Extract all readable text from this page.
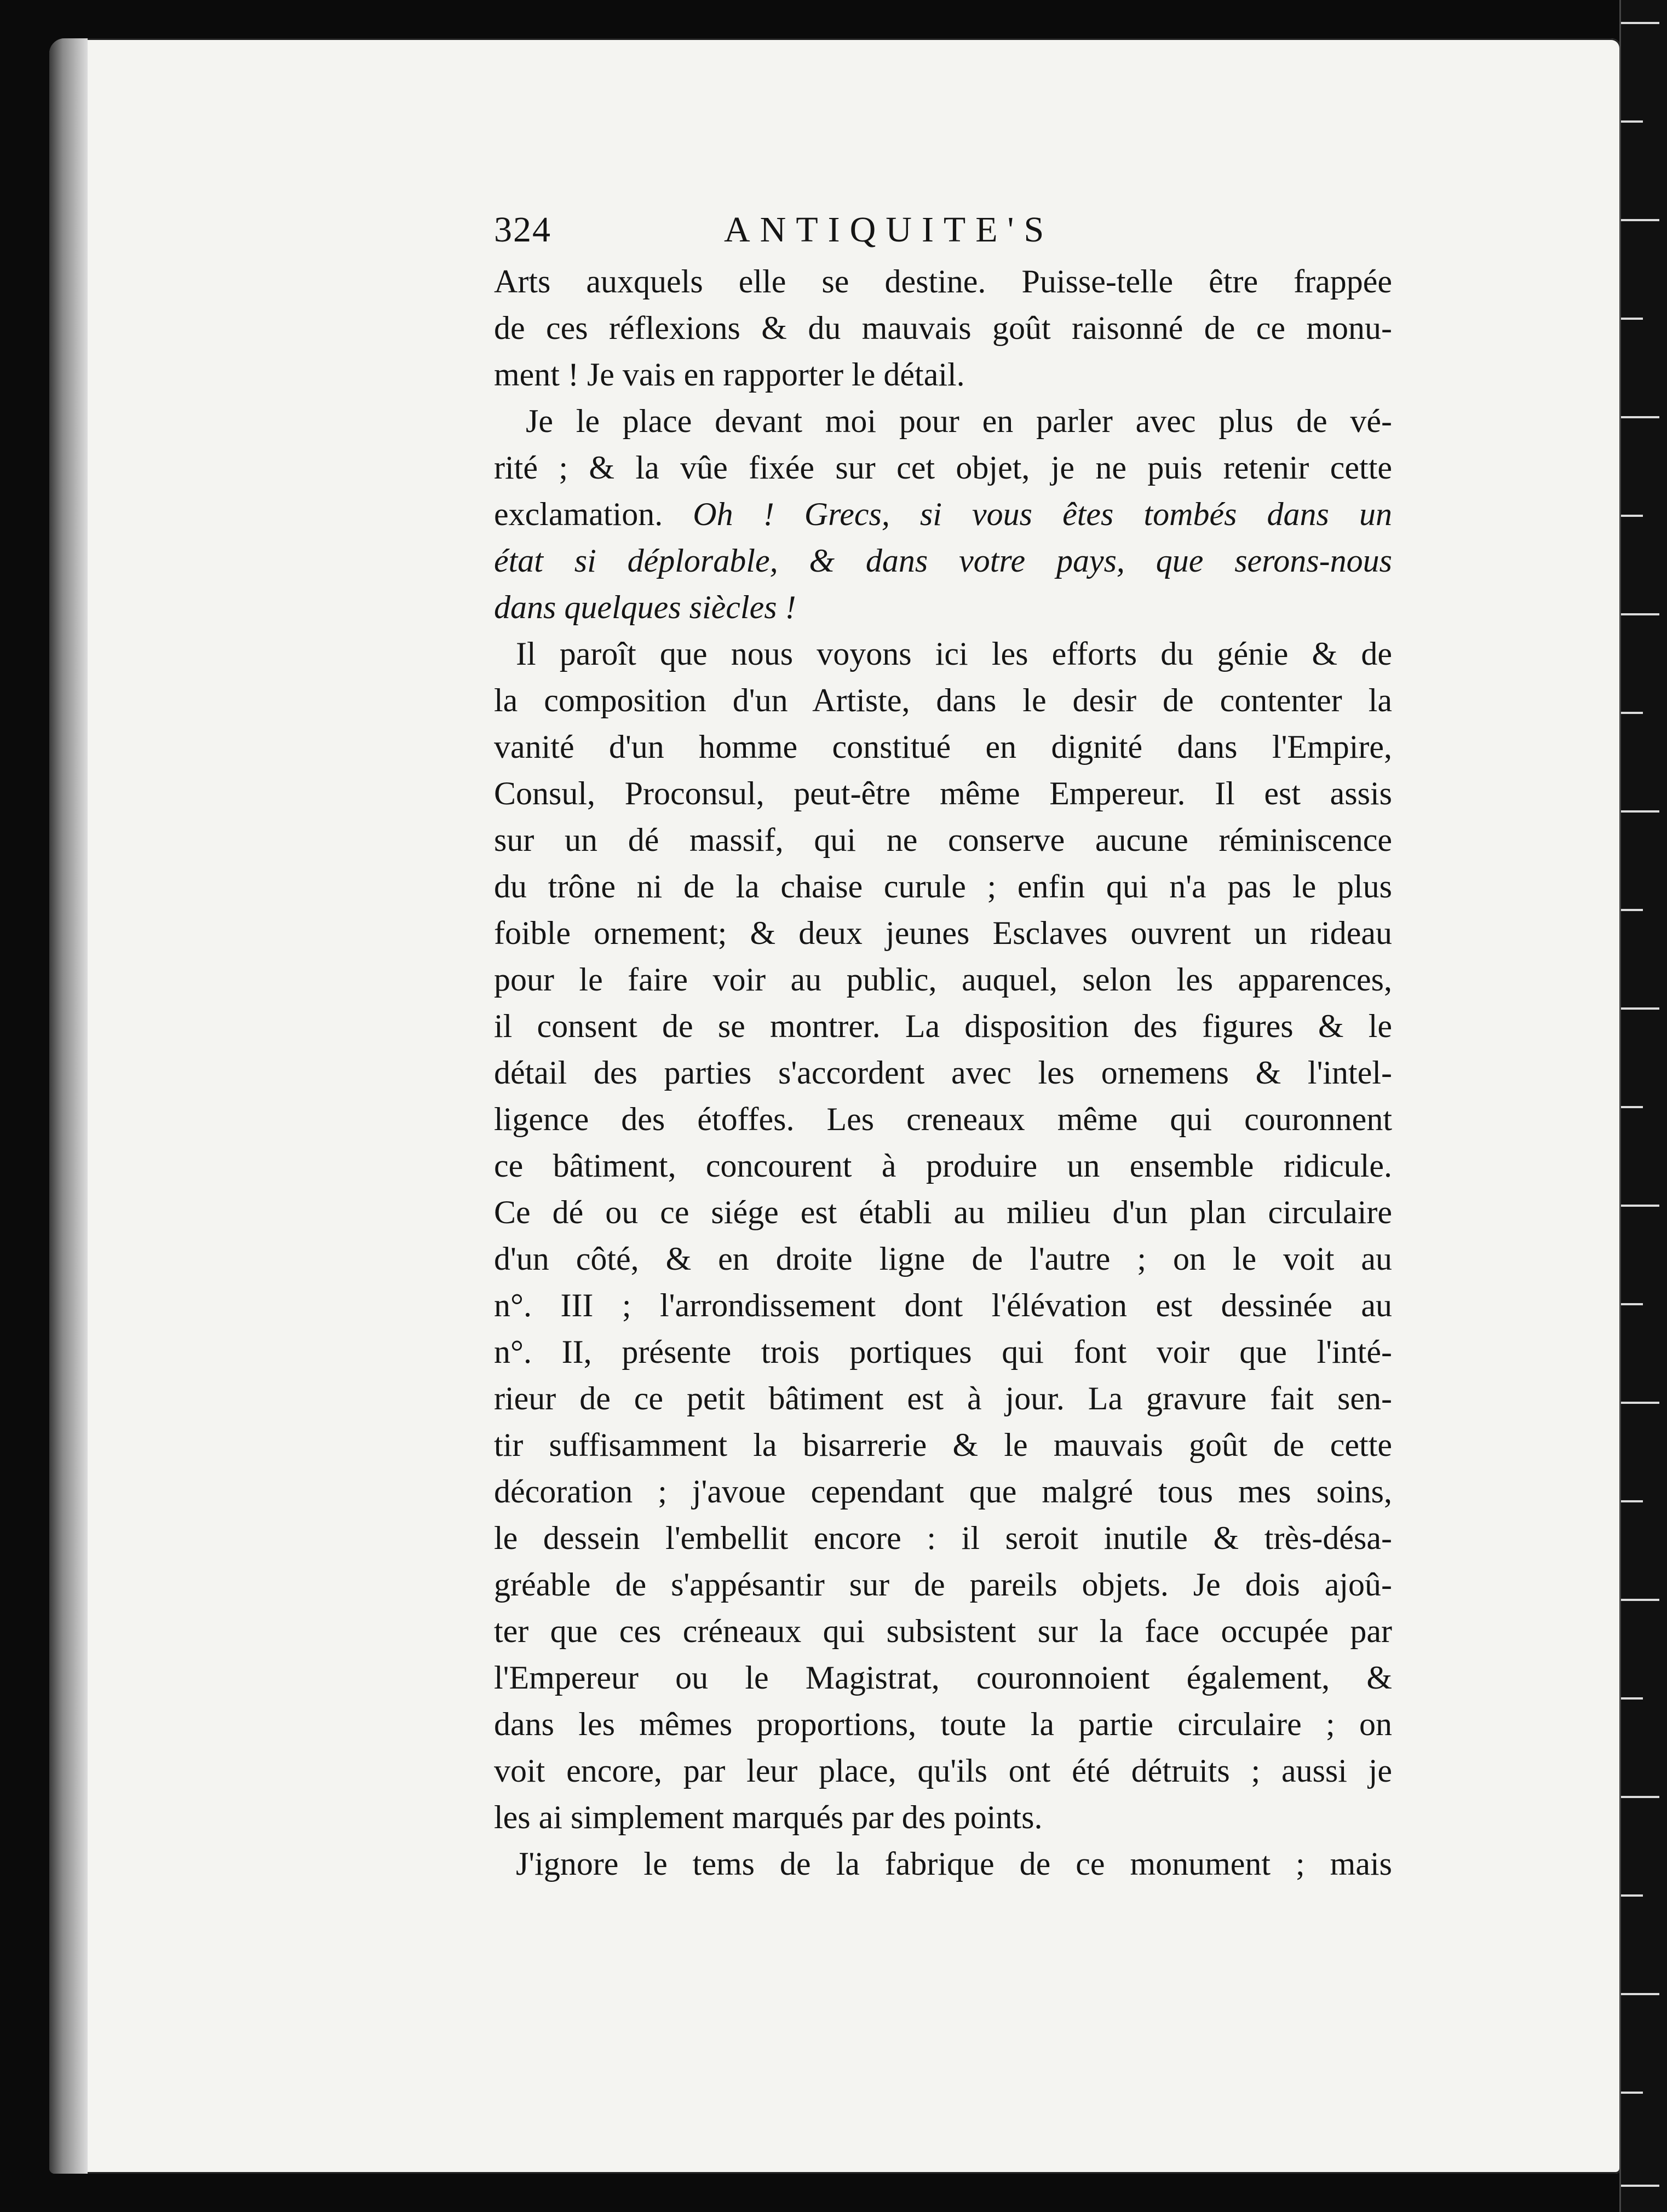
324	ANTIQUITE'S
Arts auxquels elle se destine. Puisse-telle être frappée
de ces réflexions & du mauvais goût raisonné de ce monu-
ment ! Je vais en rapporter le détail.
Je le place devant moi pour en parler avec plus de vé-
rité ; & la vûe fixée sur cet objet, je ne puis retenir cette
exclamation. Oh ! Grecs, si vous êtes tombés dans un
état si déplorable, & dans votre pays, que serons-nous
dans quelques siècles !
Il paroît que nous voyons ici les efforts du génie & de
la composition d'un Artiste, dans le desir de contenter la
vanité d'un homme constitué en dignité dans l'Empire,
Consul, Proconsul, peut-être même Empereur. Il est assis
sur un dé massif, qui ne conserve aucune réminiscence
du trône ni de la chaise curule ; enfin qui n'a pas le plus
foible ornement; & deux jeunes Esclaves ouvrent un rideau
pour le faire voir au public, auquel, selon les apparences,
il consent de se montrer. La disposition des figures & le
détail des parties s'accordent avec les ornemens & l'intel-
ligence des étoffes. Les creneaux même qui couronnent
ce bâtiment, concourent à produire un ensemble ridicule.
Ce dé ou ce siége est établi au milieu d'un plan circulaire
d'un côté, & en droite ligne de l'autre ; on le voit au
n°. III ; l'arrondissement dont l'élévation est dessinée au
n°. II, présente trois portiques qui font voir que l'inté-
rieur de ce petit bâtiment est à jour. La gravure fait sen-
tir suffisamment la bisarrerie & le mauvais goût de cette
décoration ; j'avoue cependant que malgré tous mes soins,
le dessein l'embellit encore : il seroit inutile & très-désa-
gréable de s'appésantir sur de pareils objets. Je dois ajoû-
ter que ces créneaux qui subsistent sur la face occupée par
l'Empereur ou le Magistrat, couronnoient également, &
dans les mêmes proportions, toute la partie circulaire ; on
voit encore, par leur place, qu'ils ont été détruits ; aussi je
les ai simplement marqués par des points.
J'ignore le tems de la fabrique de ce monument ; mais
